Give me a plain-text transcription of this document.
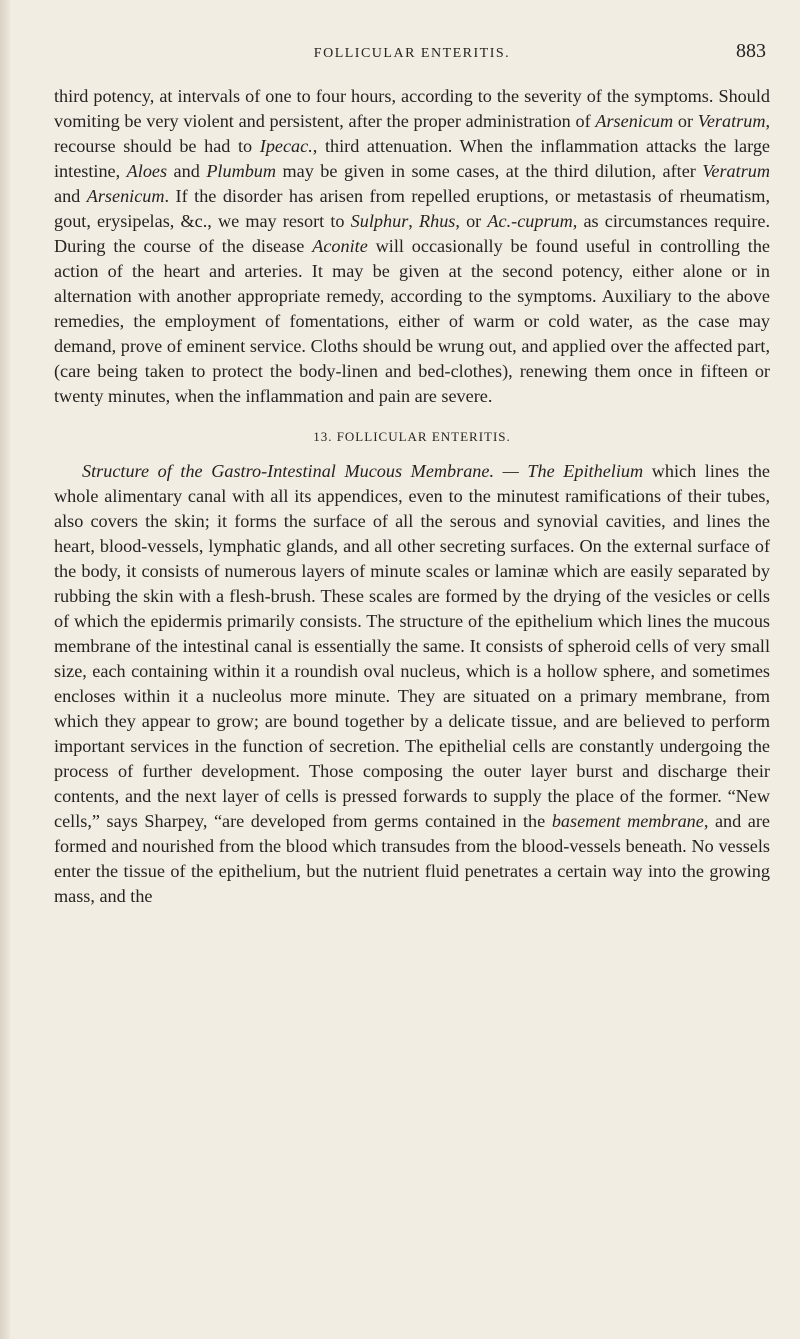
FOLLICULAR ENTERITIS.	883

third potency, at intervals of one to four hours, according to the severity of the symptoms. Should vomiting be very violent and persistent, after the proper administration of Arsenicum or Veratrum, recourse should be had to Ipecac., third attenuation. When the inflammation attacks the large intestine, Aloes and Plumbum may be given in some cases, at the third dilution, after Veratrum and Arsenicum. If the disorder has arisen from repelled eruptions, or metastasis of rheumatism, gout, erysipelas, &c., we may resort to Sulphur, Rhus, or Ac.-cuprum, as circumstances require. During the course of the disease Aconite will occasionally be found useful in controlling the action of the heart and arteries. It may be given at the second potency, either alone or in alternation with another appropriate remedy, according to the symptoms. Auxiliary to the above remedies, the employment of fomentations, either of warm or cold water, as the case may demand, prove of eminent service. Cloths should be wrung out, and applied over the affected part, (care being taken to protect the body-linen and bed-clothes), renewing them once in fifteen or twenty minutes, when the inflammation and pain are severe.

13. FOLLICULAR ENTERITIS.

Structure of the Gastro-Intestinal Mucous Membrane. — The Epithelium which lines the whole alimentary canal with all its appendices, even to the minutest ramifications of their tubes, also covers the skin; it forms the surface of all the serous and synovial cavities, and lines the heart, blood-vessels, lymphatic glands, and all other secreting surfaces. On the external surface of the body, it consists of numerous layers of minute scales or laminæ which are easily separated by rubbing the skin with a flesh-brush. These scales are formed by the drying of the vesicles or cells of which the epidermis primarily consists. The structure of the epithelium which lines the mucous membrane of the intestinal canal is essentially the same. It consists of spheroid cells of very small size, each containing within it a roundish oval nucleus, which is a hollow sphere, and sometimes encloses within it a nucleolus more minute. They are situated on a primary membrane, from which they appear to grow; are bound together by a delicate tissue, and are believed to perform important services in the function of secretion. The epithelial cells are constantly undergoing the process of further development. Those composing the outer layer burst and discharge their contents, and the next layer of cells is pressed forwards to supply the place of the former. “New cells,” says Sharpey, “are developed from germs contained in the basement membrane, and are formed and nourished from the blood which transudes from the blood-vessels beneath. No vessels enter the tissue of the epithelium, but the nutrient fluid penetrates a certain way into the growing mass, and the
